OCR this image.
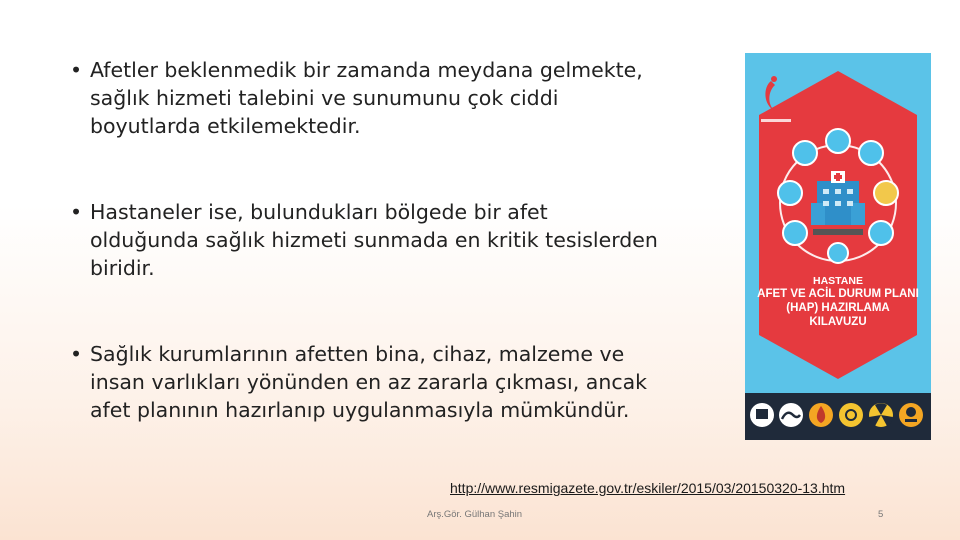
• Afetler beklenmedik bir zamanda meydana gelmekte,
sağlık hizmeti talebini ve sunumunu çok ciddi
boyutlarda etkilemektedir.
• Hastaneler ise, bulundukları bölgede bir afet
olduğunda sağlık hizmeti sunmada en kritik tesislerden
biridir.
• Sağlık kurumlarının afetten bina, cihaz, malzeme ve
insan varlıkları yönünden en az zararla çıkması, ancak
afet planının hazırlanıp uygulanmasıyla mümkündür.
HASTANE
AFET VE ACİL DURUM PLANI
(HAP) HAZIRLAMA
KILAVUZU
http://www.resmigazete.gov.tr/eskiler/2015/03/20150320-13.htm
Arş.Gör. Gülhan Şahin	5
